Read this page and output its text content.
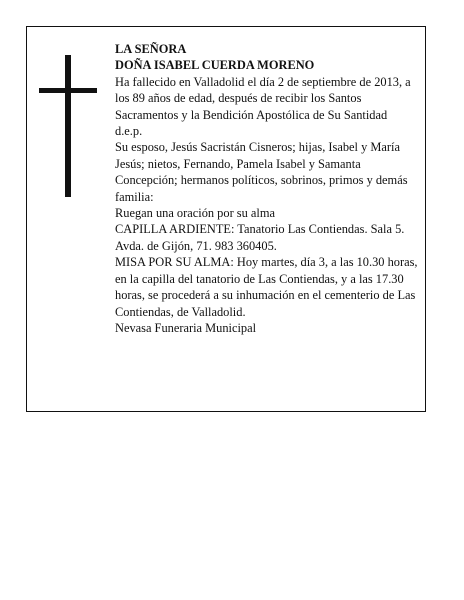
LA SEÑORA
DOÑA ISABEL CUERDA MORENO
Ha fallecido en Valladolid el día 2 de septiembre de 2013, a los 89 años de edad, después de recibir los Santos Sacramentos y la Bendición Apostólica de Su Santidad
d.e.p.
Su esposo, Jesús Sacristán Cisneros; hijas, Isabel y María Jesús; nietos, Fernando, Pamela Isabel y Samanta Concepción; hermanos políticos, sobrinos, primos y demás familia:
Ruegan una oración por su alma
CAPILLA ARDIENTE: Tanatorio Las Contiendas. Sala 5. Avda. de Gijón, 71. 983 360405.
MISA POR SU ALMA: Hoy martes, día 3, a las 10.30 horas, en la capilla del tanatorio de Las Contiendas, y a las 17.30 horas, se procederá a su inhumación en el cementerio de Las Contiendas, de Valladolid.
Nevasa Funeraria Municipal
